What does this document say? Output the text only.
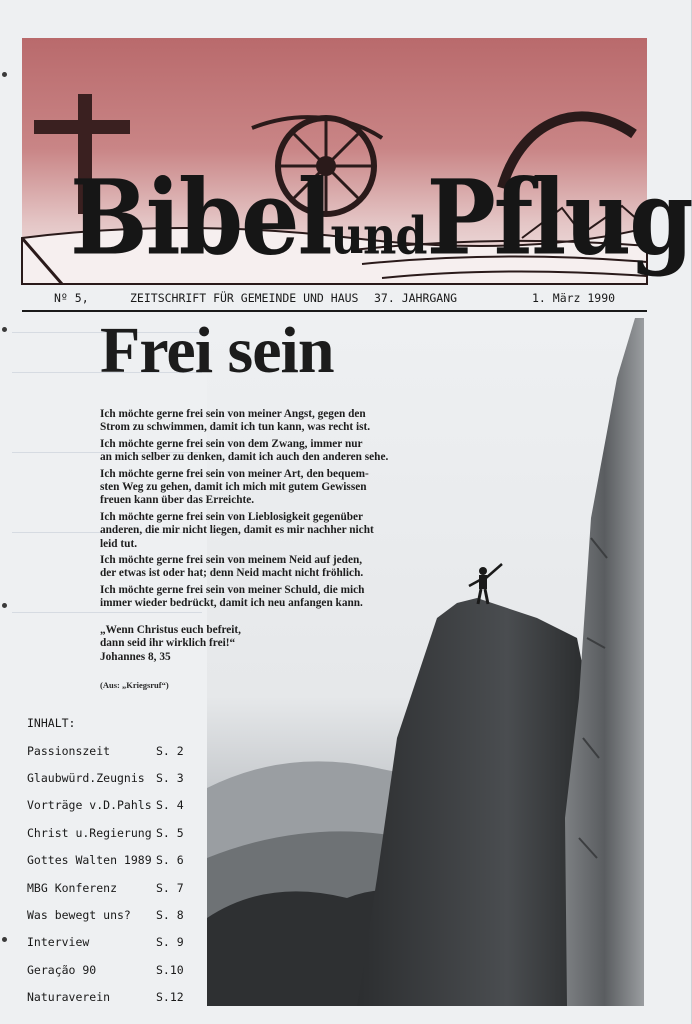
BibelundPflug
Nº 5,	ZEITSCHRIFT FÜR GEMEINDE UND HAUS 37. JAHRGANG	1. März 1990
Frei sein

Ich möchte gerne frei sein von meiner Angst, gegen den
Strom zu schwimmen, damit ich tun kann, was recht ist.

Ich möchte gerne frei sein von dem Zwang, immer nur
an mich selber zu denken, damit ich auch den anderen sehe.

Ich möchte gerne frei sein von meiner Art, den bequem-
sten Weg zu gehen, damit ich mich mit gutem Gewissen
freuen kann über das Erreichte.

Ich möchte gerne frei sein von Lieblosigkeit gegenüber
anderen, die mir nicht liegen, damit es mir nachher nicht
leid tut.

Ich möchte gerne frei sein von meinem Neid auf jeden,
der etwas ist oder hat; denn Neid macht nicht fröhlich.

Ich möchte gerne frei sein von meiner Schuld, die mich
immer wieder bedrückt, damit ich neu anfangen kann.

„Wenn Christus euch befreit,
dann seid ihr wirklich frei!“
Johannes 8, 35
(Aus: „Kriegsruf“)
INHALT:
Passionszeit	S. 2
Glaubwürd.Zeugnis S. 3
Vorträge v.D.Pahls S. 4
Christ u.Regierung S. 5
Gottes Walten 1989 S. 6
MBG Konferenz	S. 7
Was bewegt uns? S. 8
Interview	S. 9
Geração 90	S.10
Naturaverein	S.12
